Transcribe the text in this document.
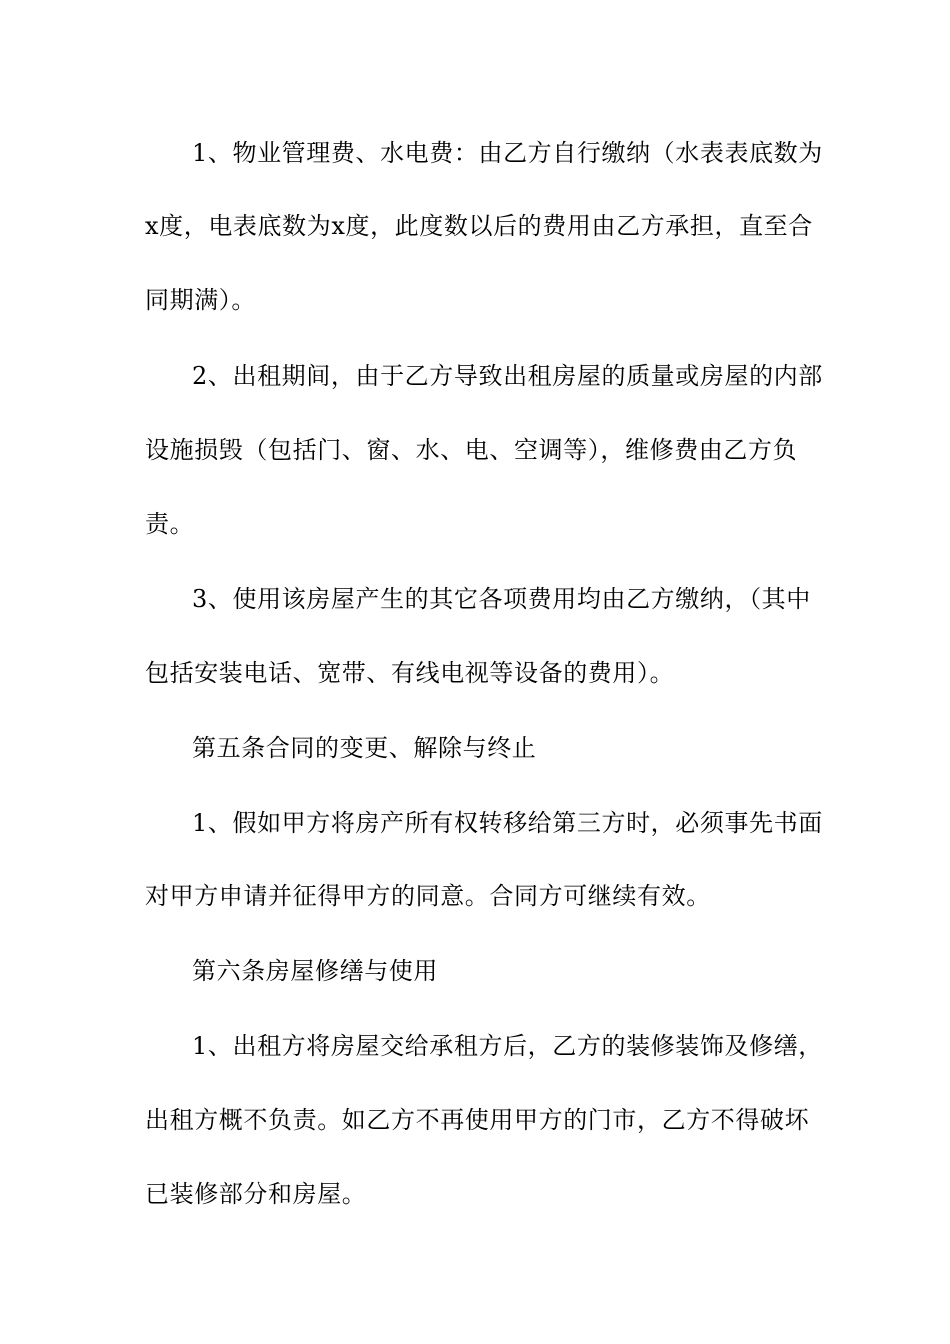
1、物业管理费、水电费：由乙方自行缴纳（水表表底数为
x度，电表底数为x度，此度数以后的费用由乙方承担，直至合
同期满）。
2、出租期间，由于乙方导致出租房屋的质量或房屋的内部
设施损毁（包括门、窗、水、电、空调等），维修费由乙方负
责。
3、使用该房屋产生的其它各项费用均由乙方缴纳，（其中
包括安装电话、宽带、有线电视等设备的费用）。
第五条合同的变更、解除与终止
1、假如甲方将房产所有权转移给第三方时，必须事先书面
对甲方申请并征得甲方的同意。合同方可继续有效。
第六条房屋修缮与使用
1、出租方将房屋交给承租方后，乙方的装修装饰及修缮，
出租方概不负责。如乙方不再使用甲方的门市，乙方不得破坏
已装修部分和房屋。
